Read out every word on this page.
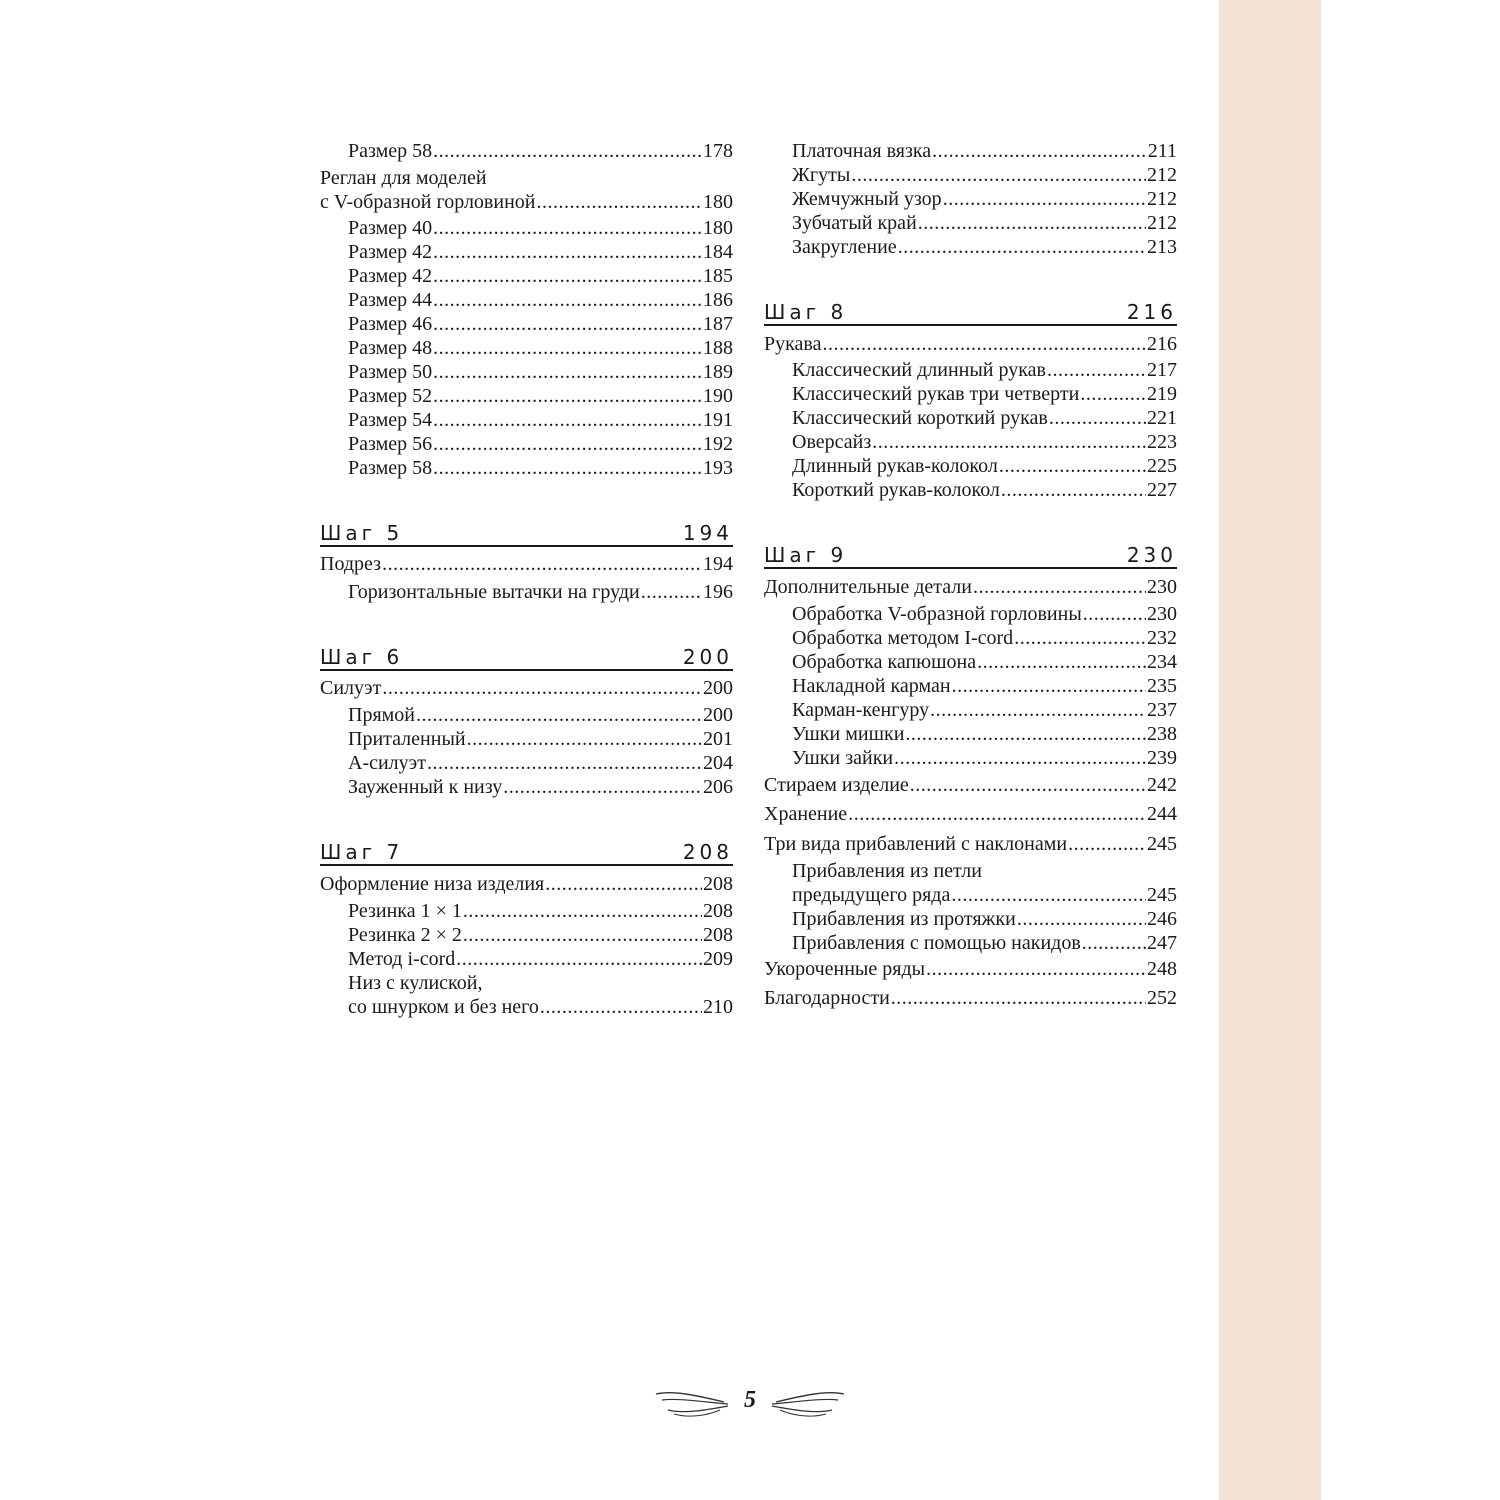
Размер 58 .....	178
Реглан для моделей
с V-образной горловиной .....	180
Размер 40 .....	180
Размер 42 .....	184
Размер 42 .....	185
Размер 44 .....	186
Размер 46 .....	187
Размер 48 .....	188
Размер 50 .....	189
Размер 52 .....	190
Размер 54 .....	191
Размер 56 .....	192
Размер 58 .....	193
Шаг 5	194
Подрез .....	194
Горизонтальные вытачки на груди .....	196
Шаг 6	200
Силуэт .....	200
Прямой .....	200
Приталенный .....	201
А-силуэт .....	204
Зауженный к низу .....	206
Шаг 7	208
Оформление низа изделия .....	208
Резинка 1 × 1 .....	208
Резинка 2 × 2 .....	208
Метод i-cord .....	209
Низ с кулиской,
со шнурком и без него .....	210
Платочная вязка .....	211
Жгуты .....	212
Жемчужный узор .....	212
Зубчатый край .....	212
Закругление .....	213
Шаг 8	216
Рукава .....	216
Классический длинный рукав .....	217
Классический рукав три четверти .....	219
Классический короткий рукав .....	221
Оверсайз .....	223
Длинный рукав-колокол .....	225
Короткий рукав-колокол .....	227
Шаг 9	230
Дополнительные детали .....	230
Обработка V-образной горловины .....	230
Обработка методом I-cord .....	232
Обработка капюшона .....	234
Накладной карман .....	235
Карман-кенгуру .....	237
Ушки мишки .....	238
Ушки зайки .....	239
Стираем изделие .....	242
Хранение .....	244
Три вида прибавлений с наклонами .....	245
Прибавления из петли
предыдущего ряда .....	245
Прибавления из протяжки .....	246
Прибавления с помощью накидов .....	247
Укороченные ряды .....	248
Благодарности .....	252
5
